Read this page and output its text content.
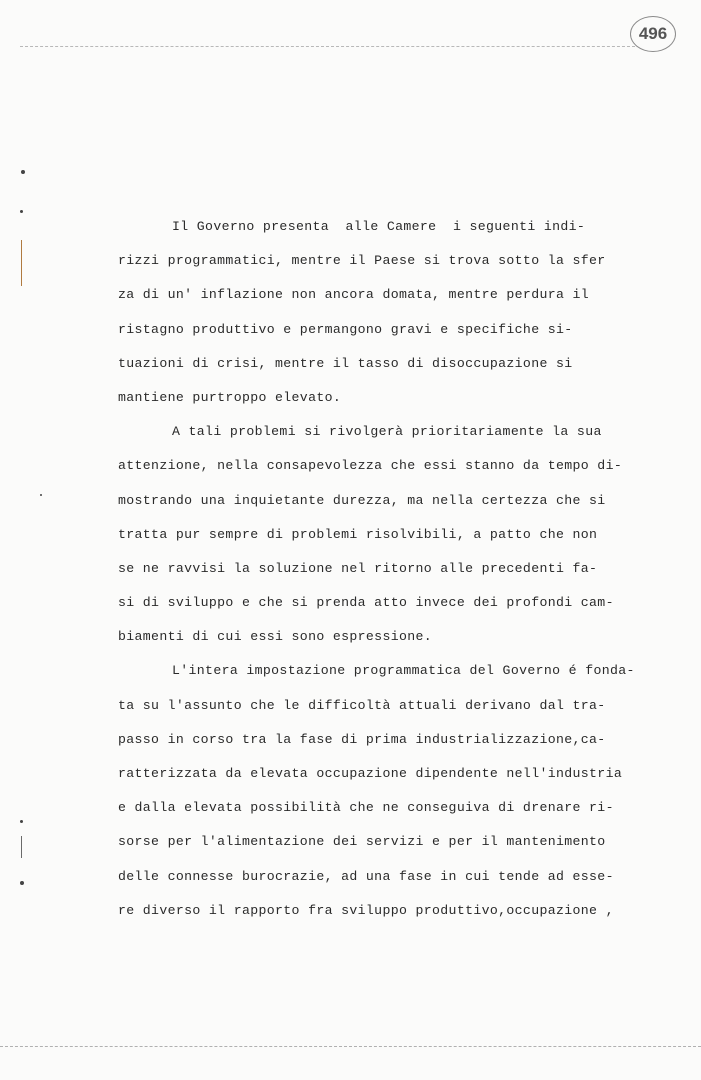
496
Il Governo presenta  alle Camere  i seguenti indi-
rizzi programmatici, mentre il Paese si trova sotto la sfer
za di un' inflazione non ancora domata, mentre perdura il
ristagno produttivo e permangono gravi e specifiche si-
tuazioni di crisi, mentre il tasso di disoccupazione si
mantiene purtroppo elevato.
A tali problemi si rivolgerà prioritariamente la sua
attenzione, nella consapevolezza che essi stanno da tempo di-
mostrando una inquietante durezza, ma nella certezza che si
tratta pur sempre di problemi risolvibili, a patto che non
se ne ravvisi la soluzione nel ritorno alle precedenti fa-
si di sviluppo e che si prenda atto invece dei profondi cam-
biamenti di cui essi sono espressione.
L'intera impostazione programmatica del Governo é fonda-
ta su l'assunto che le difficoltà attuali derivano dal tra-
passo in corso tra la fase di prima industrializzazione,ca-
ratterizzata da elevata occupazione dipendente nell'industria
e dalla elevata possibilità che ne conseguiva di drenare ri-
sorse per l'alimentazione dei servizi e per il mantenimento
delle connesse burocrazie, ad una fase in cui tende ad esse-
re diverso il rapporto fra sviluppo produttivo,occupazione ,
